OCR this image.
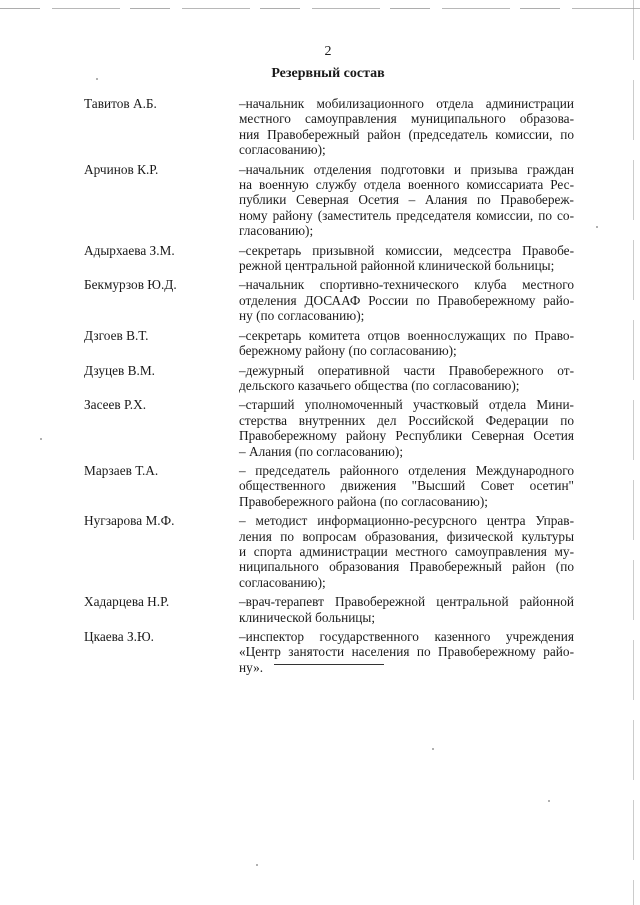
2
Резервный состав
Тавитов А.Б.	–начальник мобилизационного отдела администрации
местного самоуправления муниципального образова-
ния Правобережный район (председатель комиссии, по
согласованию);
Арчинов К.Р.	–начальник отделения подготовки и призыва граждан
на военную службу отдела военного комиссариата Рес-
публики Северная Осетия – Алания по Правобереж-
ному району (заместитель председателя комиссии, по со-
гласованию);
Адырхаева З.М.	–секретарь призывной комиссии, медсестра Правобе-
режной центральной районной клинической больницы;
Бекмурзов Ю.Д.	–начальник спортивно-технического клуба местного
отделения ДОСААФ России по Правобережному райо-
ну (по согласованию);
Дзгоев В.Т.	–секретарь комитета отцов военнослужащих по Право-
бережному району (по согласованию);
Дзуцев В.М.	–дежурный оперативной части Правобережного от-
дельского казачьего общества (по согласованию);
Засеев Р.Х.	–старший уполномоченный участковый отдела Мини-
стерства внутренних дел Российской Федерации по
Правобережному району Республики Северная Осетия
– Алания (по согласованию);
Марзаев Т.А.	– председатель районного отделения Международного
общественного движения "Высший Совет осетин"
Правобережного района (по согласованию);
Нугзарова М.Ф.	– методист информационно-ресурсного центра Управ-
ления по вопросам образования, физической культуры
и спорта администрации местного самоуправления му-
ниципального образования Правобережный район (по
согласованию);
Хадарцева Н.Р.	–врач-терапевт Правобережной центральной районной
клинической больницы;
Цкаева З.Ю.	–инспектор государственного казенного учреждения
«Центр занятости населения по Правобережному райо-
ну».
